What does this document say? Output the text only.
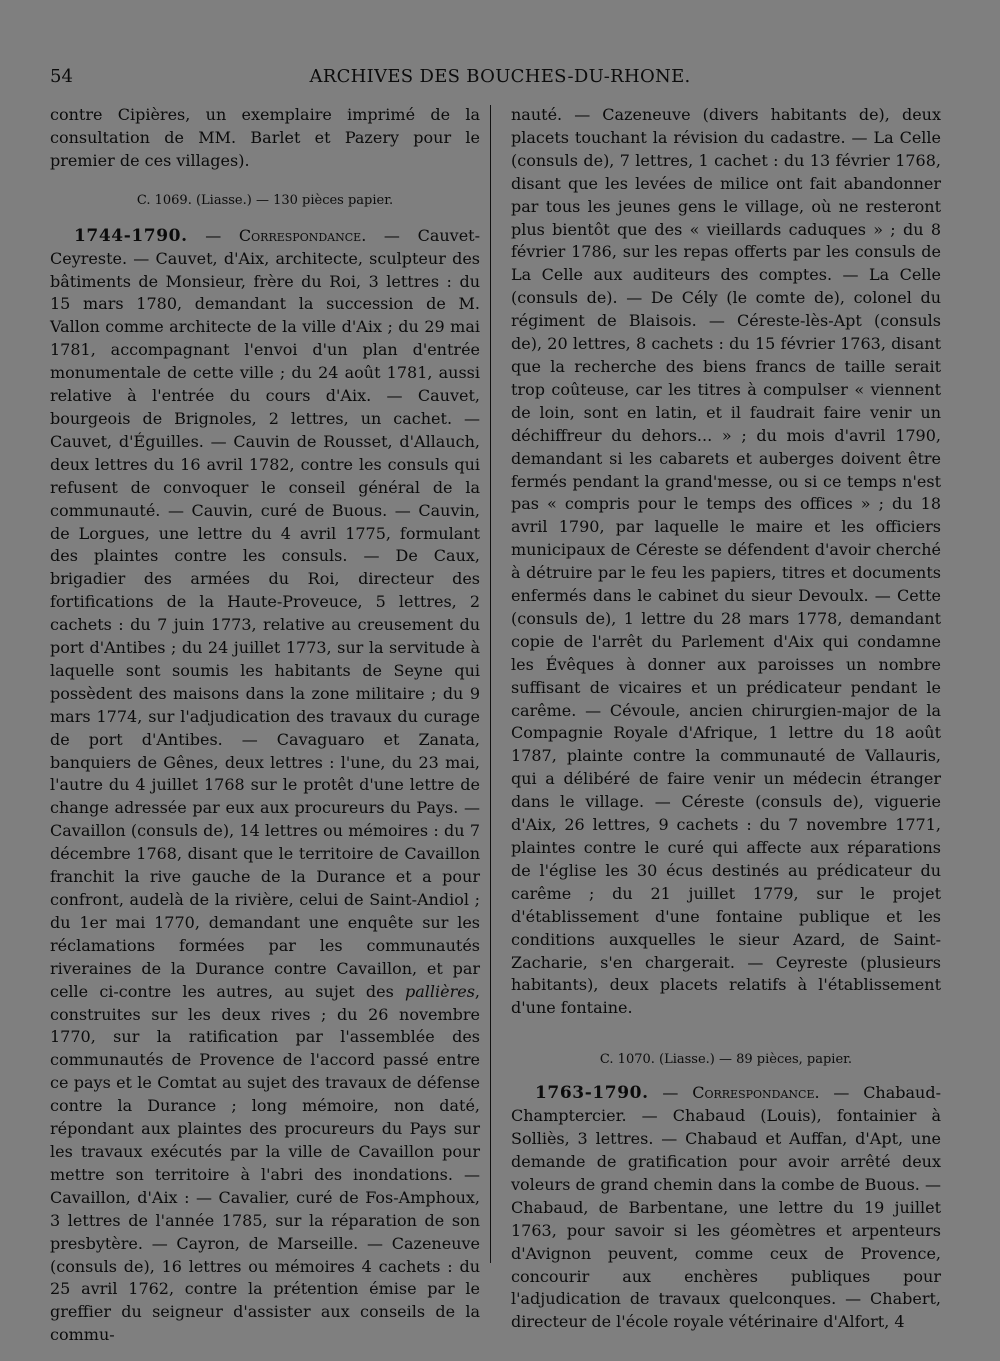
54	ARCHIVES DES BOUCHES-DU-RHONE.

contre Cipières, un exemplaire imprimé de la consultation de MM. Barlet et Pazery pour le premier de ces villages).

C. 1069. (Liasse.) — 130 pièces papier.

1744-1790. — Correspondance. — Cauvet-Ceyreste. — Cauvet, d'Aix, architecte, sculpteur des bâtiments de Monsieur, frère du Roi, 3 lettres : du 15 mars 1780, demandant la succession de M. Vallon comme architecte de la ville d'Aix ; du 29 mai 1781, accompagnant l'envoi d'un plan d'entrée monumentale de cette ville ; du 24 août 1781, aussi relative à l'entrée du cours d'Aix. — Cauvet, bourgeois de Brignoles, 2 lettres, un cachet. — Cauvet, d'Éguilles. — Cauvin de Rousset, d'Allauch, deux lettres du 16 avril 1782, contre les consuls qui refusent de convoquer le conseil général de la communauté. — Cauvin, curé de Buous. — Cauvin, de Lorgues, une lettre du 4 avril 1775, formulant des plaintes contre les consuls. — De Caux, brigadier des armées du Roi, directeur des fortifications de la Haute-Proveuce, 5 lettres, 2 cachets : du 7 juin 1773, relative au creusement du port d'Antibes ; du 24 juillet 1773, sur la servitude à laquelle sont soumis les habitants de Seyne qui possèdent des maisons dans la zone militaire ; du 9 mars 1774, sur l'adjudication des travaux du curage de port d'Antibes. — Cavaguaro et Zanata, banquiers de Gênes, deux lettres : l'une, du 23 mai, l'autre du 4 juillet 1768 sur le protêt d'une lettre de change adressée par eux aux procureurs du Pays. — Cavaillon (consuls de), 14 lettres ou mémoires : du 7 décembre 1768, disant que le territoire de Cavaillon franchit la rive gauche de la Durance et a pour confront, audelà de la rivière, celui de Saint-Andiol ; du 1er mai 1770, demandant une enquête sur les réclamations formées par les communautés riveraines de la Durance contre Cavaillon, et par celle ci-contre les autres, au sujet des pallières, construites sur les deux rives ; du 26 novembre 1770, sur la ratification par l'assemblée des communautés de Provence de l'accord passé entre ce pays et le Comtat au sujet des travaux de défense contre la Durance ; long mémoire, non daté, répondant aux plaintes des procureurs du Pays sur les travaux exécutés par la ville de Cavaillon pour mettre son territoire à l'abri des inondations. — Cavaillon, d'Aix : — Cavalier, curé de Fos-Amphoux, 3 lettres de l'année 1785, sur la réparation de son presbytère. — Cayron, de Marseille. — Cazeneuve (consuls de), 16 lettres ou mémoires 4 cachets : du 25 avril 1762, contre la prétention émise par le greffier du seigneur d'assister aux conseils de la commu-

nauté. — Cazeneuve (divers habitants de), deux placets touchant la révision du cadastre. — La Celle (consuls de), 7 lettres, 1 cachet : du 13 février 1768, disant que les levées de milice ont fait abandonner par tous les jeunes gens le village, où ne resteront plus bientôt que des « vieillards caduques » ; du 8 février 1786, sur les repas offerts par les consuls de La Celle aux auditeurs des comptes. — La Celle (consuls de). — De Cély (le comte de), colonel du régiment de Blaisois. — Céreste-lès-Apt (consuls de), 20 lettres, 8 cachets : du 15 février 1763, disant que la recherche des biens francs de taille serait trop coûteuse, car les titres à compulser « viennent de loin, sont en latin, et il faudrait faire venir un déchiffreur du dehors... » ; du mois d'avril 1790, demandant si les cabarets et auberges doivent être fermés pendant la grand'messe, ou si ce temps n'est pas « compris pour le temps des offices » ; du 18 avril 1790, par laquelle le maire et les officiers municipaux de Céreste se défendent d'avoir cherché à détruire par le feu les papiers, titres et documents enfermés dans le cabinet du sieur Devoulx. — Cette (consuls de), 1 lettre du 28 mars 1778, demandant copie de l'arrêt du Parlement d'Aix qui condamne les Évêques à donner aux paroisses un nombre suffisant de vicaires et un prédicateur pendant le carême. — Cévoule, ancien chirurgien-major de la Compagnie Royale d'Afrique, 1 lettre du 18 août 1787, plainte contre la communauté de Vallauris, qui a délibéré de faire venir un médecin étranger dans le village. — Céreste (consuls de), viguerie d'Aix, 26 lettres, 9 cachets : du 7 novembre 1771, plaintes contre le curé qui affecte aux réparations de l'église les 30 écus destinés au prédicateur du carême ; du 21 juillet 1779, sur le projet d'établissement d'une fontaine publique et les conditions auxquelles le sieur Azard, de Saint-Zacharie, s'en chargerait. — Ceyreste (plusieurs habitants), deux placets relatifs à l'établissement d'une fontaine.

C. 1070. (Liasse.) — 89 pièces, papier.

1763-1790. — Correspondance. — Chabaud-Champtercier. — Chabaud (Louis), fontainier à Solliès, 3 lettres. — Chabaud et Auffan, d'Apt, une demande de gratification pour avoir arrêté deux voleurs de grand chemin dans la combe de Buous. — Chabaud, de Barbentane, une lettre du 19 juillet 1763, pour savoir si les géomètres et arpenteurs d'Avignon peuvent, comme ceux de Provence, concourir aux enchères publiques pour l'adjudication de travaux quelconques. — Chabert, directeur de l'école royale vétérinaire d'Alfort, 4
